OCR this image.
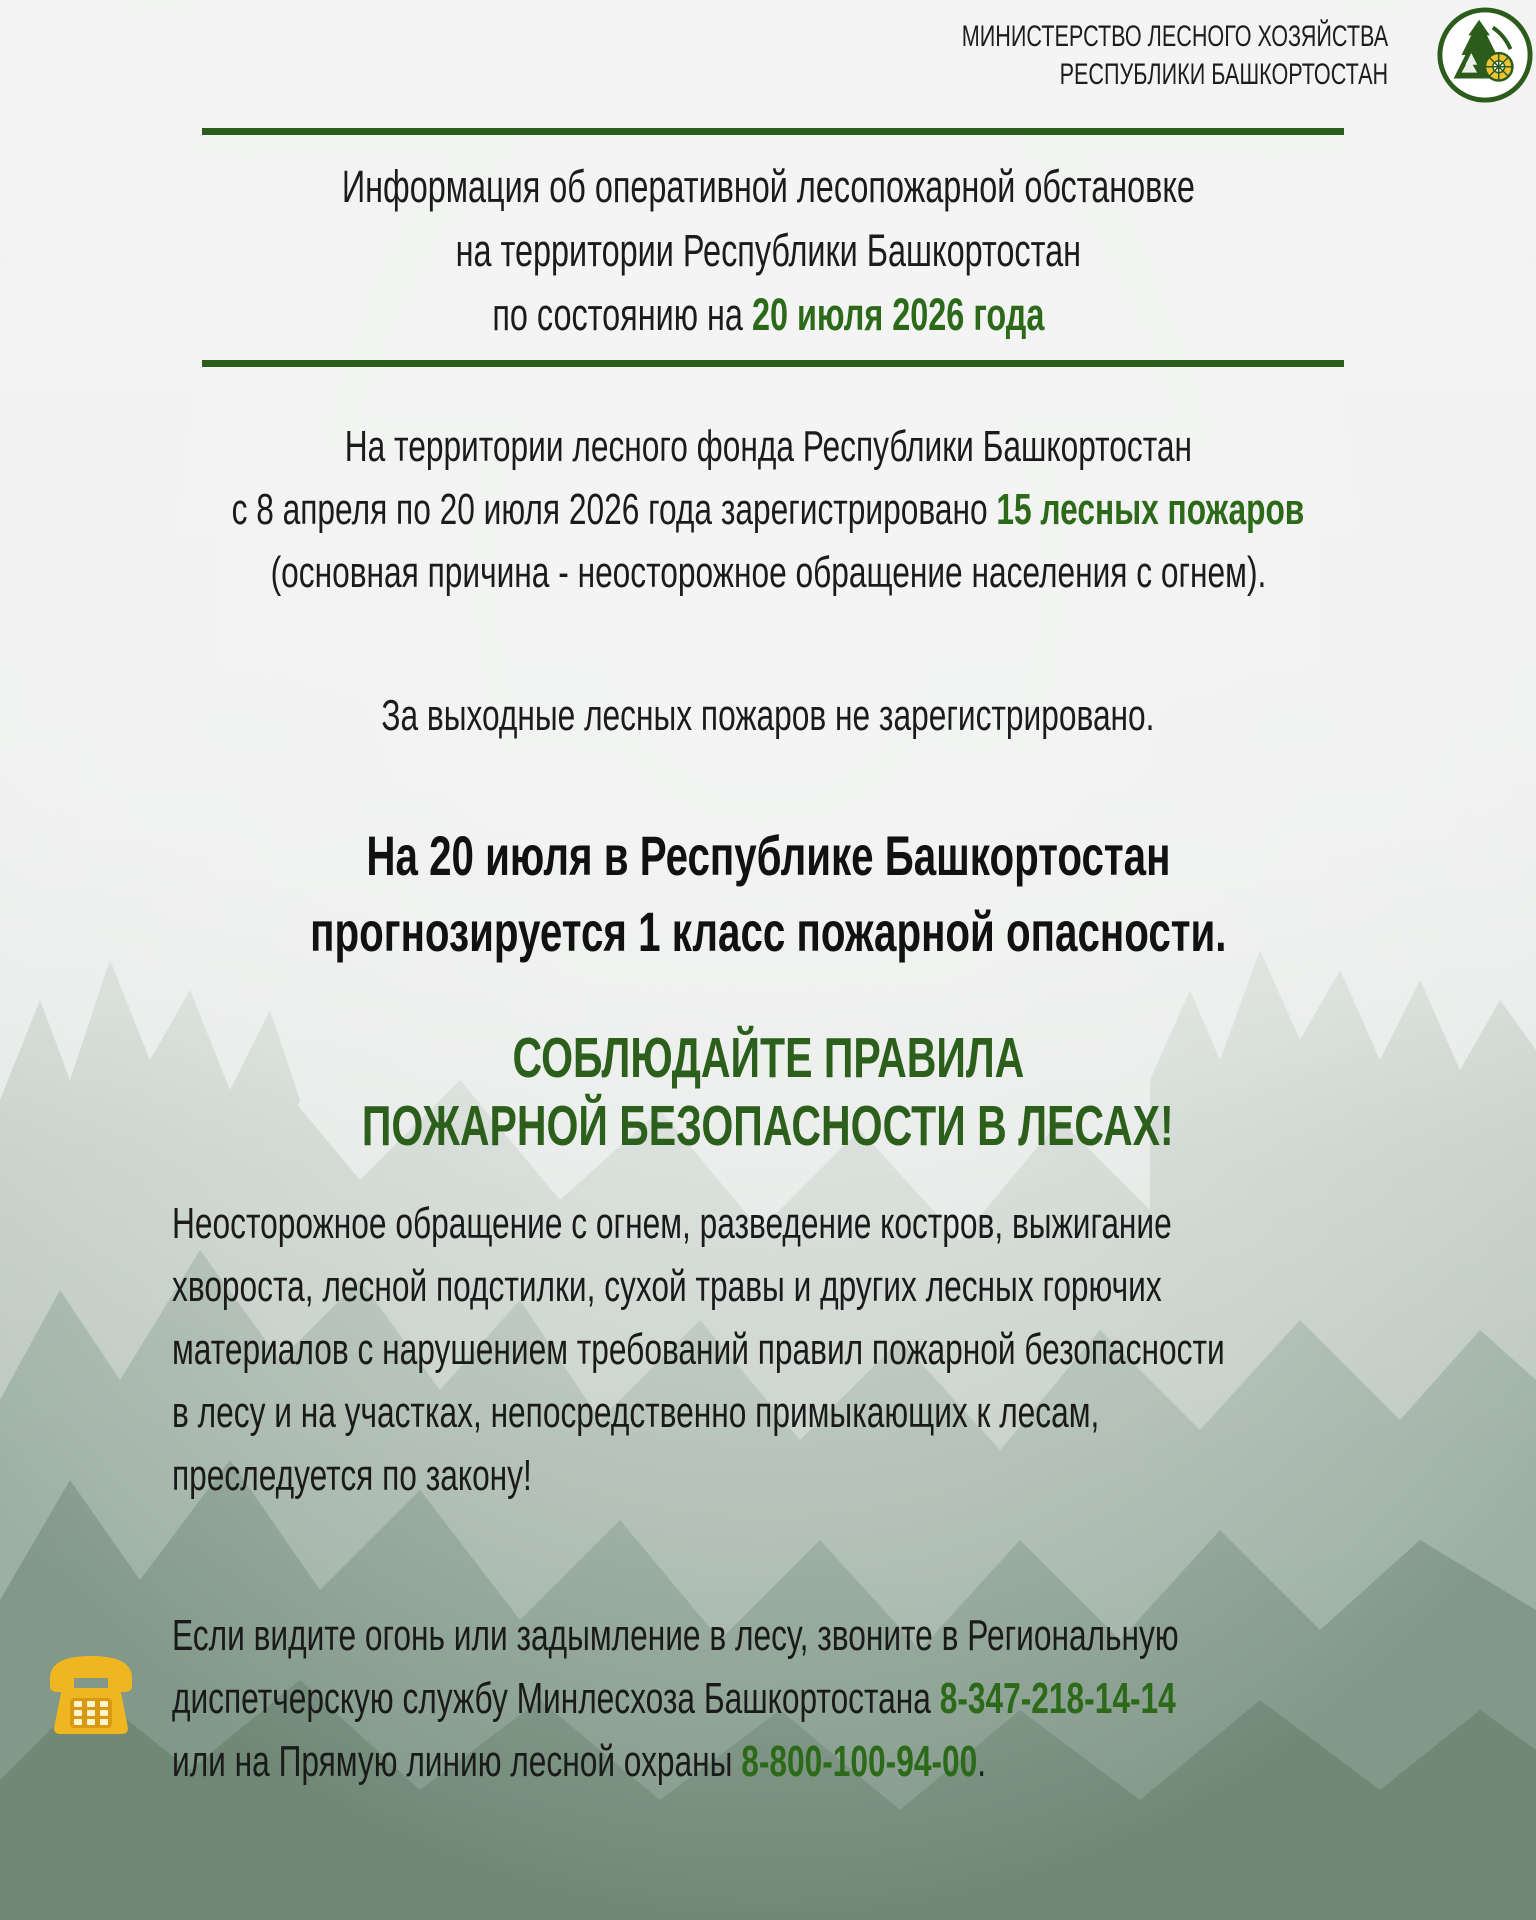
МИНИСТЕРСТВО ЛЕСНОГО ХОЗЯЙСТВА
РЕСПУБЛИКИ БАШКОРТОСТАН
Информация об оперативной лесопожарной обстановке
на территории Республики Башкортостан
по состоянию на 20 июля 2026 года
На территории лесного фонда Республики Башкортостан
с 8 апреля по 20 июля 2026 года зарегистрировано 15 лесных пожаров
(основная причина - неосторожное обращение населения с огнем).
За выходные лесных пожаров не зарегистрировано.
На 20 июля в Республике Башкортостан
прогнозируется 1 класс пожарной опасности.
СОБЛЮДАЙТЕ ПРАВИЛА
ПОЖАРНОЙ БЕЗОПАСНОСТИ В ЛЕСАХ!
Неосторожное обращение с огнем, разведение костров, выжигание
хвороста, лесной подстилки, сухой травы и других лесных горючих
материалов с нарушением требований правил пожарной безопасности
в лесу и на участках, непосредственно примыкающих к лесам,
преследуется по закону!
Если видите огонь или задымление в лесу, звоните в Региональную
диспетчерскую службу Минлесхоза Башкортостана 8-347-218-14-14
или на Прямую линию лесной охраны 8-800-100-94-00.
